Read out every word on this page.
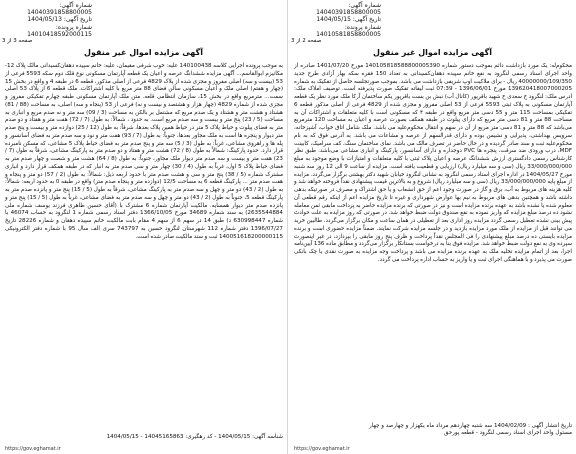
شماره آگهی: 14040391858800005
تاریخ آگهی: 1404/05/15
شماره پرونده: 14010581858800005
صفحه 2 از 3
آگهی مزایده اموال غیر منقول

محکوم‌له: یک مورد بازداشت دائم بموجب دستور شماره 140105818588800005390 مورخ 1401/07/20 صادره از واحد اجرای اسناد رسمی لنگرود به نفع خانم سپیده دهقان‌کسیدانی به تعداد 150 فقره سکه بهار آزادی طرح جدید 40000000/109/350 ریال - برای ملاکیت اوپ شریفی بازداشت می باشد. بموجب صورتجلسه حاصل از تفکیک به شماره 139620418007000205 مورخ 1396/06/01 - 07:39 ثبت لیفاته تفکیک صورت پذیرفته است. توصیف املاک ملک: ادرس ملک: لنگرود خ سعدی خ شهید باقرپور (کانال آب) نبش بن بست باقرپور یکم ساختمان آرکا ملک مورد نظر یک قطعه آپارتمان مسکونی به پلاک ثبتی 5593 فرعی از 53 اصلی مفروز و مجزی شده از 4829 فرعی از اصلی مذکور قطعه 6 تفکیکی بمساحت 115 متر و 55 دسی متر مربع واقع در طبقه ۴ که مسکونی است با کلیه متعلقات و اشتراکات آن به مساحت 88 متر و 81 دسی متر مربع که دارای پیلوت در طبقه همکف بصورت عرصه و اعیان به مساحت 120 مترمربع می‌باشد که 88 متر و 81 دسی متر مربع از آن در سهم و انتقال محکوم‌علیه می باشد. ملک شامل اتاق خواب، آشپزخانه، سرویس بهداشتی، پذیرایی و نشیمن بوده و دارای قدرالسهم از عرصه و مشاعات می باشد. به آدرس فوق که به نام محکوم‌علیه ثبت و سند صادر گردیده و در حال حاضر در تصرف مالک می باشد. نمای ساختمان سنگ، کف سرامیک، کابینت MDF، درب ورودی ضد سرقت، پنجره ها PVC دوجداره و دارای آسانسور، پارکینگ و انباری مشاعی می‌باشد. طبق نظر کارشناس رسمی دادگستری ارزش ششدانگ عرصه و اعیان پلاک ثبتی با کلیه متعلقات و امتیازات با وضع موجود به مبلغ 33/000/000/000 ریال (سی و سه میلیارد ریال) ارزیابی و قطعیت یافته است. مزایده از ساعت 9 الی 12 روز سه شنبه مورخ 1404/05/27 در اداره اجرای اسناد رسمی لنگرود به نشانی لنگرود خیابان شهید دکتر بهشتی برگزار می‌گردد. مزایده از مبلغ پایه 33/000/000/000 ریال (سی و سه میلیارد ریال) شروع و به بالاترین قیمت پیشنهادی نقداً فروخته خواهد شد و کلیه هزینه های مربوط به آب، برق و گاز در صورت وجود اعم از حق انشعاب و یا حق اشتراک و مصرف در صورتیکه بدهی داشته باشد و همچنین بدهی های مربوط به نیم بها عوارض شهرداری و غیره تا تاریخ مزایده اعم از اینکه رقم قطعی آن معلوم شده یا نشده باشد به عهده برنده مزایده است و نیز در صورتی که برنده مزایده حاضر به پرداخت مابقی ثمن معامله نشود ده درصد مبلغ مزایده که واریز نموده به نفع صندوق دولت ضبط خواهد شد. در صورتی که روز مزایده به علت حوادث پیش بینی نشده تعطیل رسمی گردد مزایده روز اداری بعد از تعطیلی در همان ساعت و مکان برگزار می‌گردد. طالبین خرید می توانند قبل از مزایده از ملک مورد مزایده بازدید و در جلسه مزایده شرکت نمایند. ضمناً مزایده حضوری است و برنده مزایده بایستی ده درصد مبلغ پیشنهادی را فی المجلس نقداً پرداخت و ظرف پنج روز مابقی را بپردازد، در غیر اینصورت سپرده وی به نفع دولت ضبط خواهد شد. مزایده فوق بنا به درخواست بستانکار برگزار می‌گردد و مطابق ماده 136 آیین‌نامه اجرا، بعد از اتمام مزایده تخلیه ملک به عهده برنده مزایده می باشد و پرداخت وجه مزایده به صورت نقدی یا چک بانکی صورت می پذیرد و با هماهنگی اجرای ثبت و یا واریز به حساب اداره پرداخت می گردد.

تاریخ انتشار آگهی : 1404/02/09 سه شنبه چهاردهم مرداد ماه یکهزار و چهارصد و چهار
مسئول واحد اجرای اسناد رسمی لنگرود - قطعه پورحق
https://gov.eghamat.ir
شماره آگهی: 14040391858800005
تاریخ آگهی: 1404/05/13
شماره پرونده: 14010418592000115
صفحه 3 از 3
آگهی مزایده اموال غیر منقول

به موجب پرونده اجرایی کلاسه 140100438 علیه: خوب شرفی مقیمان، علیه: خانم سپیده دهقان‌کسیدانی مالک پلاک 12- مکانیزم ابوالقاسم... آگهی مزایده ششدانگ عرصه و اعیان یک قطعه آپارتمان مسکونی نوع قلک دوم سکه 5593 فرعی از 53 (بیست و سه) اصلی مفروز و مجزی شده از پلاک 4829 فرعی از اصلی مذکور، قطعه 6 در طبقه 4 و واقع در بخش 15 (چهار و هفتم) اصلی ملک و اعیان مسکونی سالن فضای 88 متر مربع با کلیه اشتراکات. ملک قطعه 6 از پلاک 53 اصلی سمت... مترمربع واقع در بخش 15، سازمان انتظامی قلعه. متن ملک آپارتمان مسکونی طبقه چهارم تفکیکی مفروز و مجزی شده از شماره 4829 (چهار هزار و هشتصد و بیست و نه) فرعی از 53 (پنجاه و سه) اصلی، به مساحت (88 / 81) هشتاد و هشت متر و هشتاد و یک صدم مربع که مشتمل بر بالکن به مساحت (3 / 09) سه متر و نه صدم مربع و انباری به مساحت (5 / 23) پنج متر و بیست و سه صدم مربع است. به حدود ، شمالاً: به طول (7 / 72) هفت متر و هفتاد و دو صدم متر به فضای پیلوت و حیاط پلاک 5 متر در حیاط همین پلاک بعدها، شرقاً: به طول (12 / 25) دوازده متر و بیست و پنج صدم متر دیوار و پنجره ها است به ملک مجاور بعدها، جنوباً: به طول (7 / 93) هفت متر و نود و سه صدم متر به فضای آسانسور و پله ها و راهروی مشاعی، غرباً: به طول (3 / 5) سه متر و پنج صدم متر به فضای حیاط پلاک 5 مشاعی، که مسکن نامبرده قرار دارد. حدود پارکینگ: شمالاً به طول (8 / 72) هشت متر و هفتاد و دو صدم متر به پارکینگ مشاعی، شرقاً به طول (7 / 23) هفت متر و بیست و سه صدم متر دیوار ملک مجاور، جنوباً: به طول (8 / 64) هشت متر و شصت و چهار صدم متر به فضای حیاط پلاک 5 اول، غرباً به طول (4 / 30) چهار متر و سی صدم متر به انبار که در طبقه همکف قرار دارد و انباری مشترک شماره (5 / 38) پنج متر و سی و هشت صدم متر با حدود اربعه ذیل: شمالاً: به طول (2 / 57) دو متر و پنجاه و هفت صدم متر ... پارکینگ قطعه 6 به مساحت 12/5 (دوازده متر و پنجاه صدم متر) واقع در طبقه 0 به حدود اربعه: شمالاً: به طول (2 / 43) دو متر و چهل و سه صدم متر به پارکینگ مشاعی، شرقاً به طول (5 / 15) پنج متر و پانزده صدم متر به پارکینگ قطعه 5، جنوباً به طول (2 / 43) دو متر و چهل و سه صدم متر به فضای مشاعی، غرباً به طول (5 / 15) پنج متر و پانزده صدم متر دیوار همسایه. مالکیت آپارتمان شماره 6 مشترک با (آقای حسین طاهری فرزند یوسف شماره ملی 2635544884) به سند شماره 34689 مورخ 1366/10/05 دفتر اسناد رسمی شماره 1 لنگرود به حساب 46074 با شماره 630998447 د) طبق 14 در سهم 6 از سهم 4 مقام بابت مالکیت خانم سپیده دهقان و شماره 28226 تاریخ 1396/07/27 دفتر شماره 112 شهرستان لنگرود حسین به 743797 سری الف سال 95 با شماره دفتر الکترونیکی 140051618200000115 ثبت و سند مالکیت صادر شده است.

شناسه آگهی: 1404/05/15 - کد رهگیری: 14045165863 - 1404/05/15
https://gov.eghamat.ir
